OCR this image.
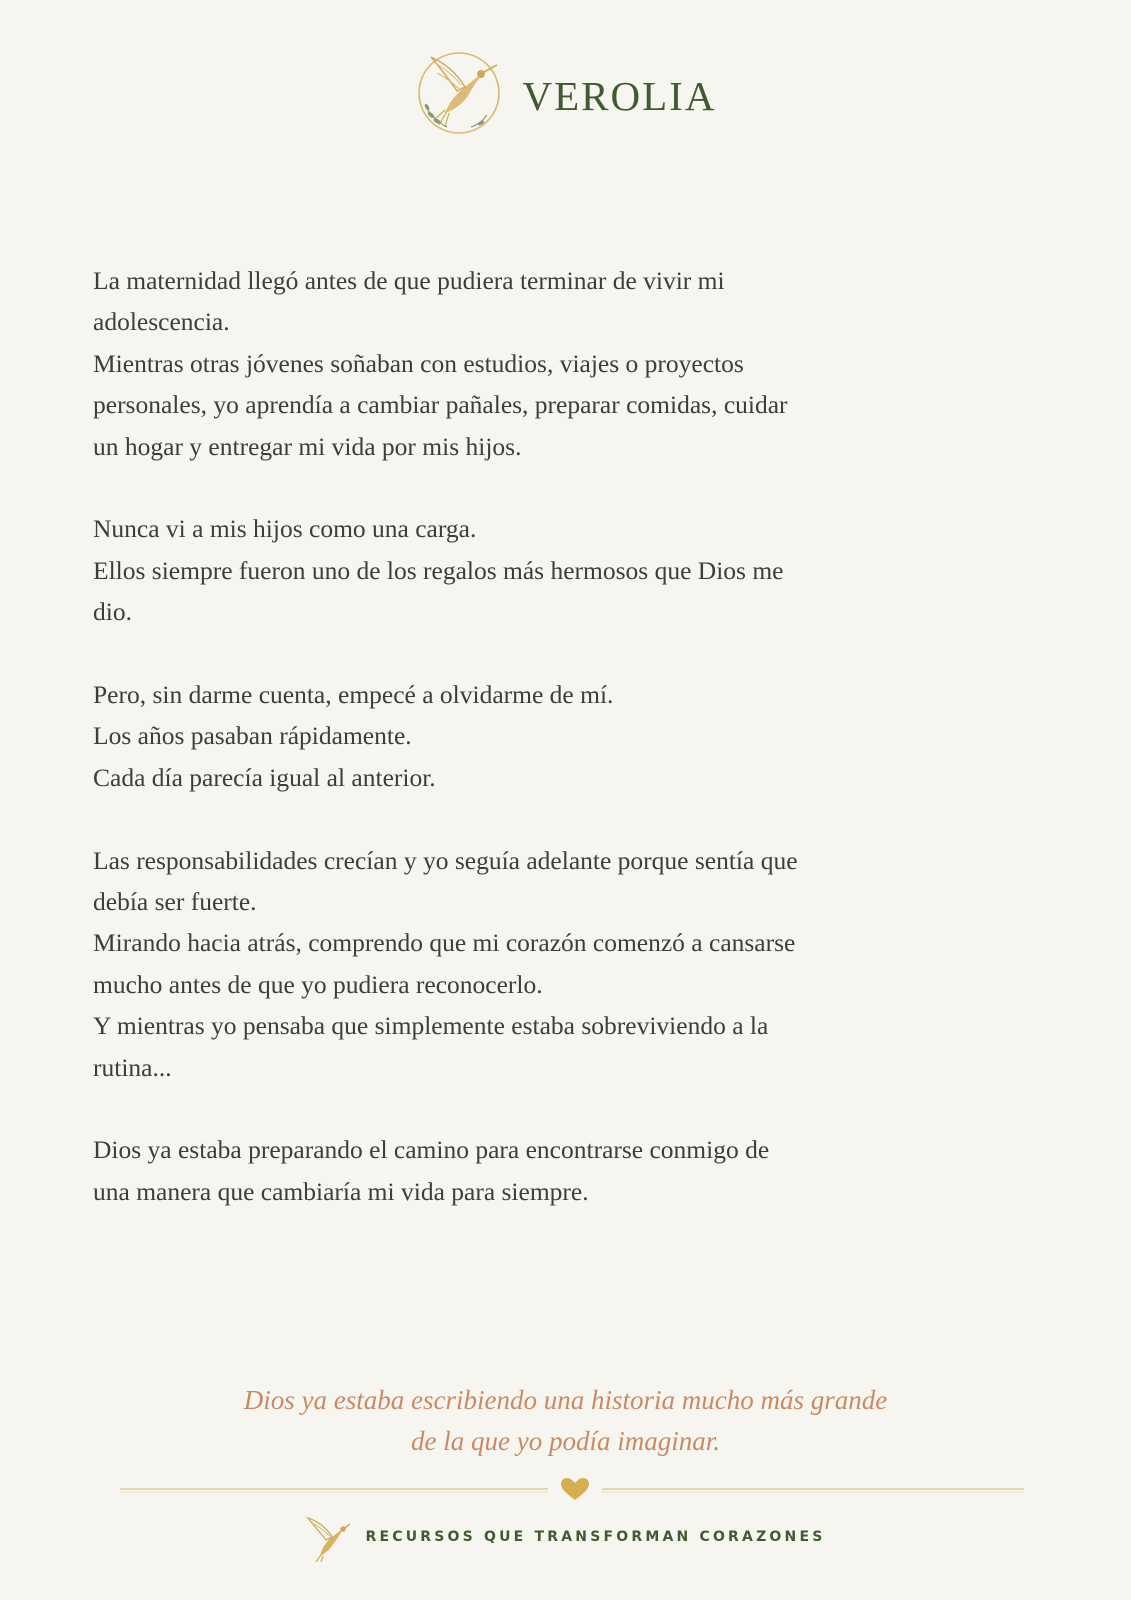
VEROLIA
La maternidad llegó antes de que pudiera terminar de vivir mi
adolescencia.
Mientras otras jóvenes soñaban con estudios, viajes o proyectos
personales, yo aprendía a cambiar pañales, preparar comidas, cuidar
un hogar y entregar mi vida por mis hijos.
Nunca vi a mis hijos como una carga.
Ellos siempre fueron uno de los regalos más hermosos que Dios me
dio.
Pero, sin darme cuenta, empecé a olvidarme de mí.
Los años pasaban rápidamente.
Cada día parecía igual al anterior.
Las responsabilidades crecían y yo seguía adelante porque sentía que
debía ser fuerte.
Mirando hacia atrás, comprendo que mi corazón comenzó a cansarse
mucho antes de que yo pudiera reconocerlo.
Y mientras yo pensaba que simplemente estaba sobreviviendo a la
rutina...
Dios ya estaba preparando el camino para encontrarse conmigo de
una manera que cambiaría mi vida para siempre.
Dios ya estaba escribiendo una historia mucho más grande
de la que yo podía imaginar.
RECURSOS QUE TRANSFORMAN CORAZONES
